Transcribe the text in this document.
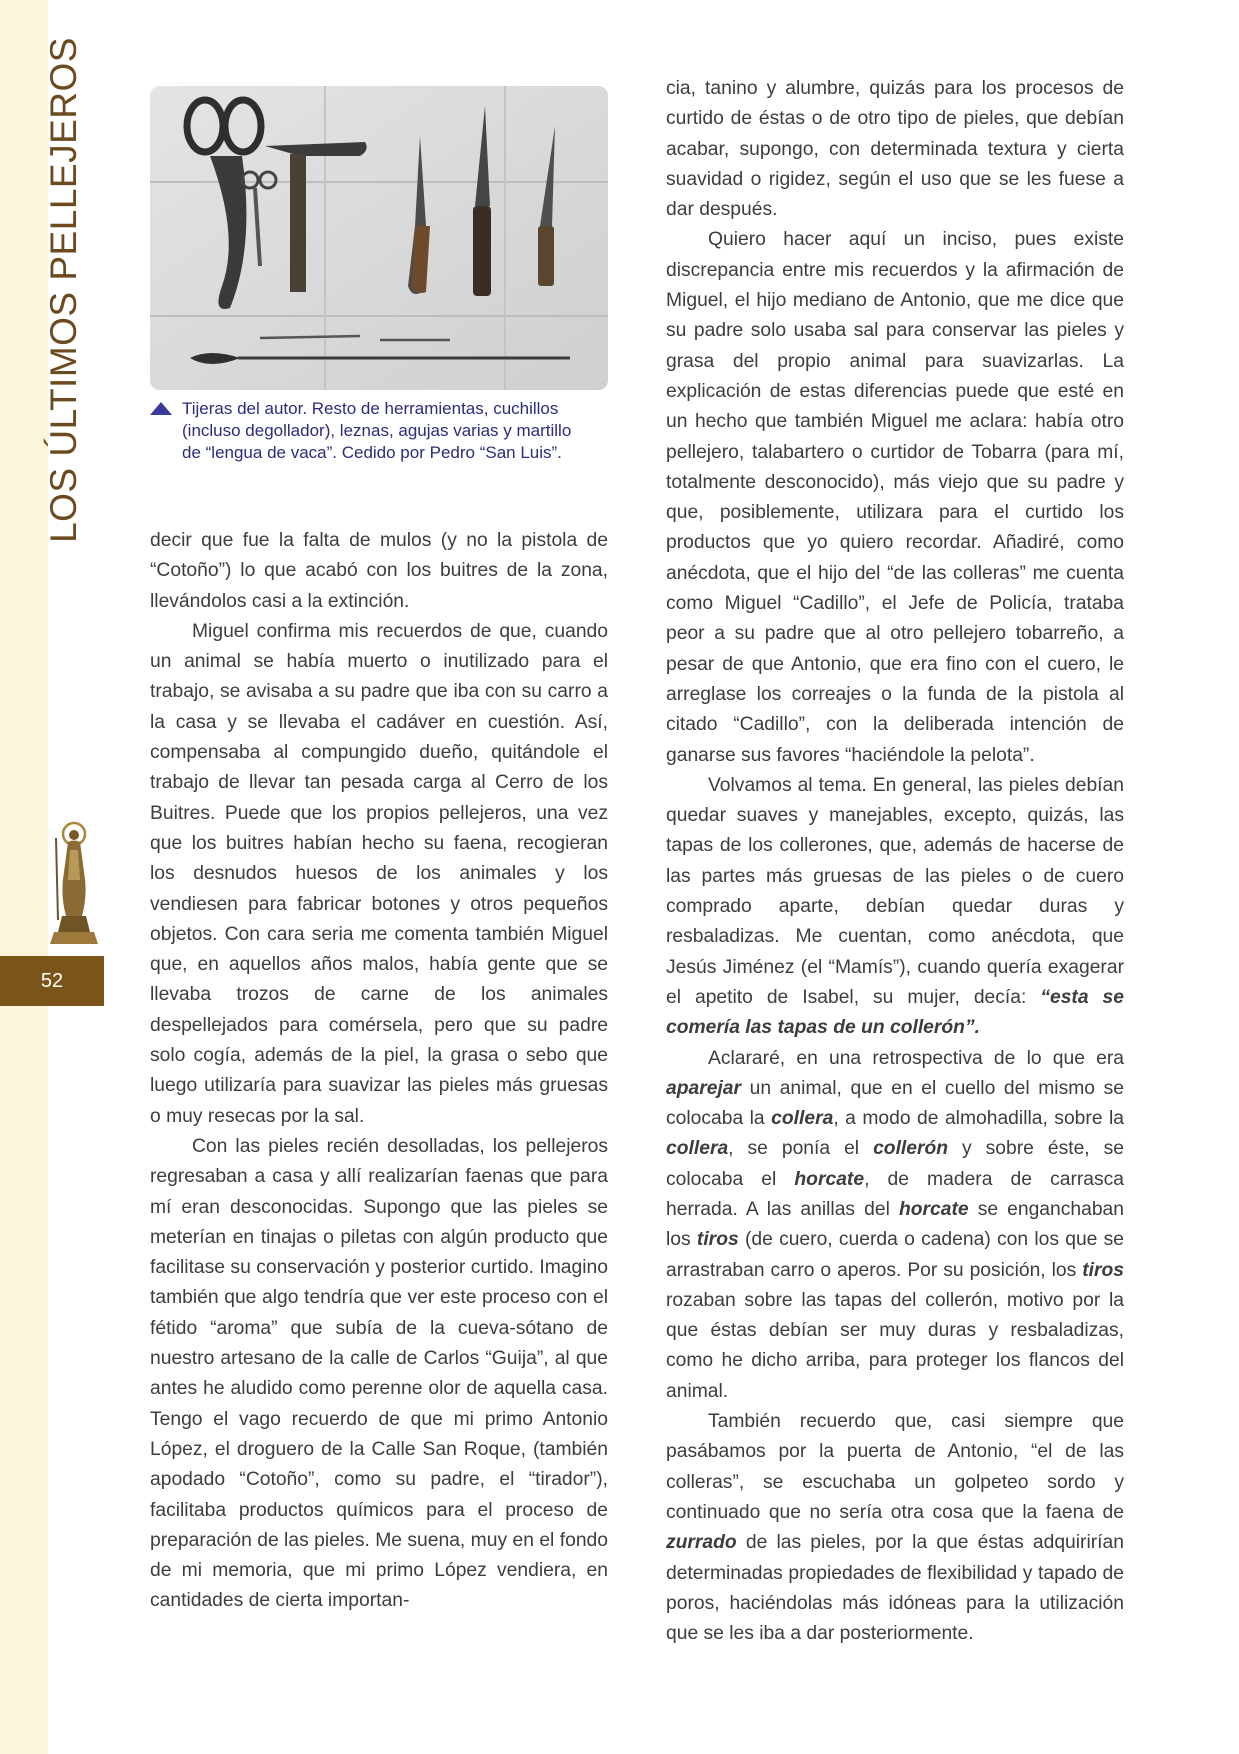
LOS ÚLTIMOS PELLEJEROS
52
Tijeras del autor. Resto de herramientas, cuchillos (incluso degollador), leznas, agujas varias y martillo de “lengua de vaca”. Cedido por Pedro “San Luis”.

decir que fue la falta de mulos (y no la pistola de “Cotoño”) lo que acabó con los buitres de la zona, llevándolos casi a la extinción.

Miguel confirma mis recuerdos de que, cuando un animal se había muerto o inutilizado para el trabajo, se avisaba a su padre que iba con su carro a la casa y se llevaba el cadáver en cuestión. Así, compensaba al compungido dueño, quitándole el trabajo de llevar tan pesada carga al Cerro de los Buitres. Puede que los propios pellejeros, una vez que los buitres habían hecho su faena, recogieran los desnudos huesos de los animales y los vendiesen para fabricar botones y otros pequeños objetos. Con cara seria me comenta también Miguel que, en aquellos años malos, había gente que se llevaba trozos de carne de los animales despellejados para comérsela, pero que su padre solo cogía, además de la piel, la grasa o sebo que luego utilizaría para suavizar las pieles más gruesas o muy resecas por la sal.

Con las pieles recién desolladas, los pellejeros regresaban a casa y allí realizarían faenas que para mí eran desconocidas. Supongo que las pieles se meterían en tinajas o piletas con algún producto que facilitase su conservación y posterior curtido. Imagino también que algo tendría que ver este proceso con el fétido “aroma” que subía de la cueva-sótano de nuestro artesano de la calle de Carlos “Guija”, al que antes he aludido como perenne olor de aquella casa. Tengo el vago recuerdo de que mi primo Antonio López, el droguero de la Calle San Roque, (también apodado “Cotoño”, como su padre, el “tirador”), facilitaba productos químicos para el proceso de preparación de las pieles. Me suena, muy en el fondo de mi memoria, que mi primo López vendiera, en cantidades de cierta importan-

cia, tanino y alumbre, quizás para los procesos de curtido de éstas o de otro tipo de pieles, que debían acabar, supongo, con determinada textura y cierta suavidad o rigidez, según el uso que se les fuese a dar después.

Quiero hacer aquí un inciso, pues existe discrepancia entre mis recuerdos y la afirmación de Miguel, el hijo mediano de Antonio, que me dice que su padre solo usaba sal para conservar las pieles y grasa del propio animal para suavizarlas. La explicación de estas diferencias puede que esté en un hecho que también Miguel me aclara: había otro pellejero, talabartero o curtidor de Tobarra (para mí, totalmente desconocido), más viejo que su padre y que, posiblemente, utilizara para el curtido los productos que yo quiero recordar. Añadiré, como anécdota, que el hijo del “de las colleras” me cuenta como Miguel “Cadillo”, el Jefe de Policía, trataba peor a su padre que al otro pellejero tobarreño, a pesar de que Antonio, que era fino con el cuero, le arreglase los correajes o la funda de la pistola al citado “Cadillo”, con la deliberada intención de ganarse sus favores “haciéndole la pelota”.

Volvamos al tema. En general, las pieles debían quedar suaves y manejables, excepto, quizás, las tapas de los collerones, que, además de hacerse de las partes más gruesas de las pieles o de cuero comprado aparte, debían quedar duras y resbaladizas. Me cuentan, como anécdota, que Jesús Jiménez (el “Mamís”), cuando quería exagerar el apetito de Isabel, su mujer, decía: “esta se comería las tapas de un collerón”.

Aclararé, en una retrospectiva de lo que era aparejar un animal, que en el cuello del mismo se colocaba la collera, a modo de almohadilla, sobre la collera, se ponía el collerón y sobre éste, se colocaba el horcate, de madera de carrasca herrada. A las anillas del horcate se enganchaban los tiros (de cuero, cuerda o cadena) con los que se arrastraban carro o aperos. Por su posición, los tiros rozaban sobre las tapas del collerón, motivo por la que éstas debían ser muy duras y resbaladizas, como he dicho arriba, para proteger los flancos del animal.

También recuerdo que, casi siempre que pasábamos por la puerta de Antonio, “el de las colleras”, se escuchaba un golpeteo sordo y continuado que no sería otra cosa que la faena de zurrado de las pieles, por la que éstas adquirirían determinadas propiedades de flexibilidad y tapado de poros, haciéndolas más idóneas para la utilización que se les iba a dar posteriormente.
